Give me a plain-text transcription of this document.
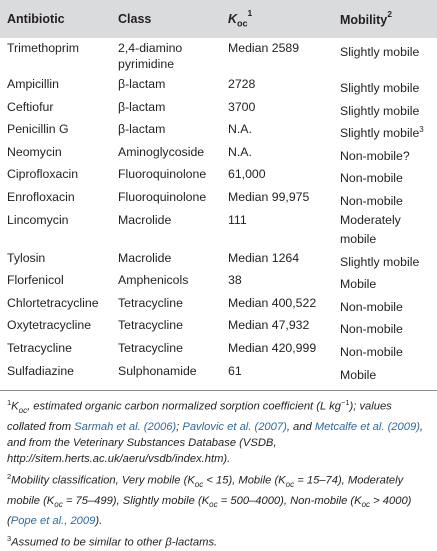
Antibiotic	Class	$K_{oc}^1$	Mobility$^2$
Trimethoprim	2,4-diamino pyrimidine	Median 2589	Slightly mobile
Ampicillin	β-lactam	2728	Slightly mobile
Ceftiofur	β-lactam	3700	Slightly mobile
Penicillin G	β-lactam	N.A.	Slightly mobile$^3$
Neomycin	Aminoglycoside	N.A.	Non-mobile?
Ciprofloxacin	Fluoroquinolone	61,000	Non-mobile
Enrofloxacin	Fluoroquinolone	Median 99,975	Non-mobile
Lincomycin	Macrolide	111	Moderately mobile
Tylosin	Macrolide	Median 1264	Slightly mobile
Florfenicol	Amphenicols	38	Mobile
Chlortetracycline	Tetracycline	Median 400,522	Non-mobile
Oxytetracycline	Tetracycline	Median 47,932	Non-mobile
Tetracycline	Tetracycline	Median 420,999	Non-mobile
Sulfadiazine	Sulphonamide	61	Mobile

$^1K_{oc}$, estimated organic carbon normalized sorption coefficient (L $kg^{-1}$); values collated from Sarmah et al. (2006); Pavlovic et al. (2007), and Metcalfe et al. (2009), and from the Veterinary Substances Database (VSDB, http://sitem.herts.ac.uk/aeru/vsdb/index.htm).

$^2$Mobility classification, Very mobile $(K_{oc} < 15)$, Mobile $(K_{oc} = 15-74)$, Moderately mobile $(K_{oc} = 75-499)$, Slightly mobile $(K_{oc} = 500-4000)$, Non-mobile $(K_{oc} > 4000)$ (Pope et al., 2009).

$^3$Assumed to be similar to other β-lactams.
